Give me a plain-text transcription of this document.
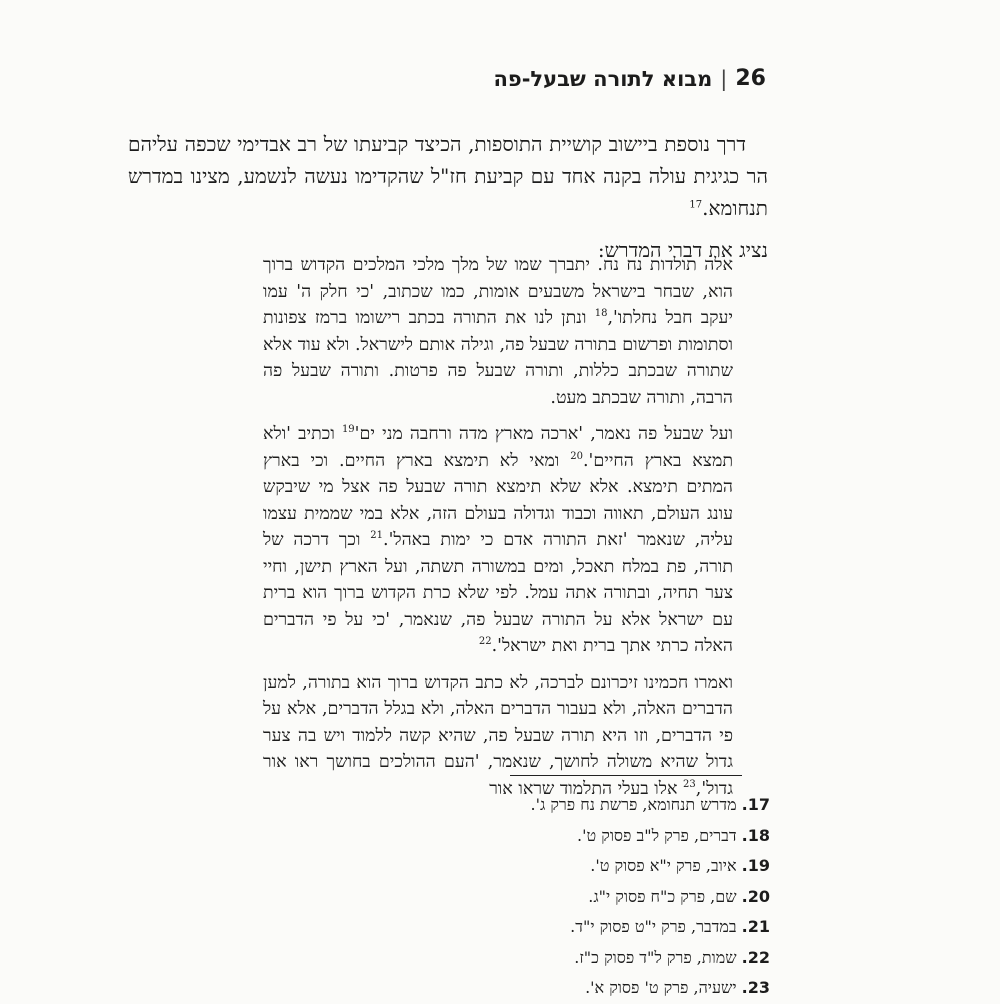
26
|
מבוא לתורה שבעל-פה

דרך נוספת ביישוב קושיית התוספות, הכיצד קביעתו של רב אבדימי שכפה עליהם הר כגיגית עולה בקנה אחד עם קביעת חז"ל שהקדימו נעשה לנשמע, מצינו במדרש תנחומא.$^{17}$

נציג את דברי המדרש:

אלה תולדות נח נח. יתברך שמו של מלך מלכי המלכים הקדוש ברוך הוא, שבחר בישראל משבעים אומות, כמו שכתוב, 'כי חלק ה' עמו יעקב חבל נחלתו',$^{18}$ ונתן לנו את התורה בכתב רישומו ברמז צפונות וסתומות ופרשום בתורה שבעל פה, וגילה אותם לישראל. ולא עוד אלא שתורה שבכתב כללות, ותורה שבעל פה פרטות. ותורה שבעל פה הרבה, ותורה שבכתב מעט.

ועל שבעל פה נאמר, 'ארכה מארץ מדה ורחבה מני $ים'^{19}$ וכתיב 'ולא תמצא בארץ החיים'.$^{20}$ ומאי לא תימצא בארץ החיים. וכי בארץ המתים תימצא. אלא שלא תימצא תורה שבעל פה אצל מי שיבקש עונג העולם, תאווה וכבוד וגדולה בעולם הזה, אלא במי שממית עצמו עליה, שנאמר 'זאת התורה אדם כי ימות באהל'.$^{21}$ וכך דרכה של תורה, פת במלח תאכל, ומים במשורה תשתה, ועל הארץ תישן, וחיי צער תחיה, ובתורה אתה עמל. לפי שלא כרת הקדוש ברוך הוא ברית עם ישראל אלא על התורה שבעל פה, שנאמר, 'כי על פי הדברים האלה כרתי אתך ברית ואת ישראל'.$^{22}$

ואמרו חכמינו זיכרונם לברכה, לא כתב הקדוש ברוך הוא בתורה, למען הדברים האלה, ולא בעבור הדברים האלה, ולא בגלל הדברים, אלא על פי הדברים, וזו היא תורה שבעל פה, שהיא קשה ללמוד ויש בה צער גדול שהיא משולה לחושך, שנאמר, 'העם ההולכים בחושך ראו אור גדול',$^{23}$ אלו בעלי התלמוד שראו אור

17. מדרש תנחומא, פרשת נח פרק ג'.
18. דברים, פרק ל"ב פסוק ט'.
19. איוב, פרק י"א פסוק ט'.
20. שם, פרק כ"ח פסוק י"ג.
21. במדבר, פרק י"ט פסוק י"ד.
22. שמות, פרק ל"ד פסוק כ"ז.
23. ישעיה, פרק ט' פסוק א'.
